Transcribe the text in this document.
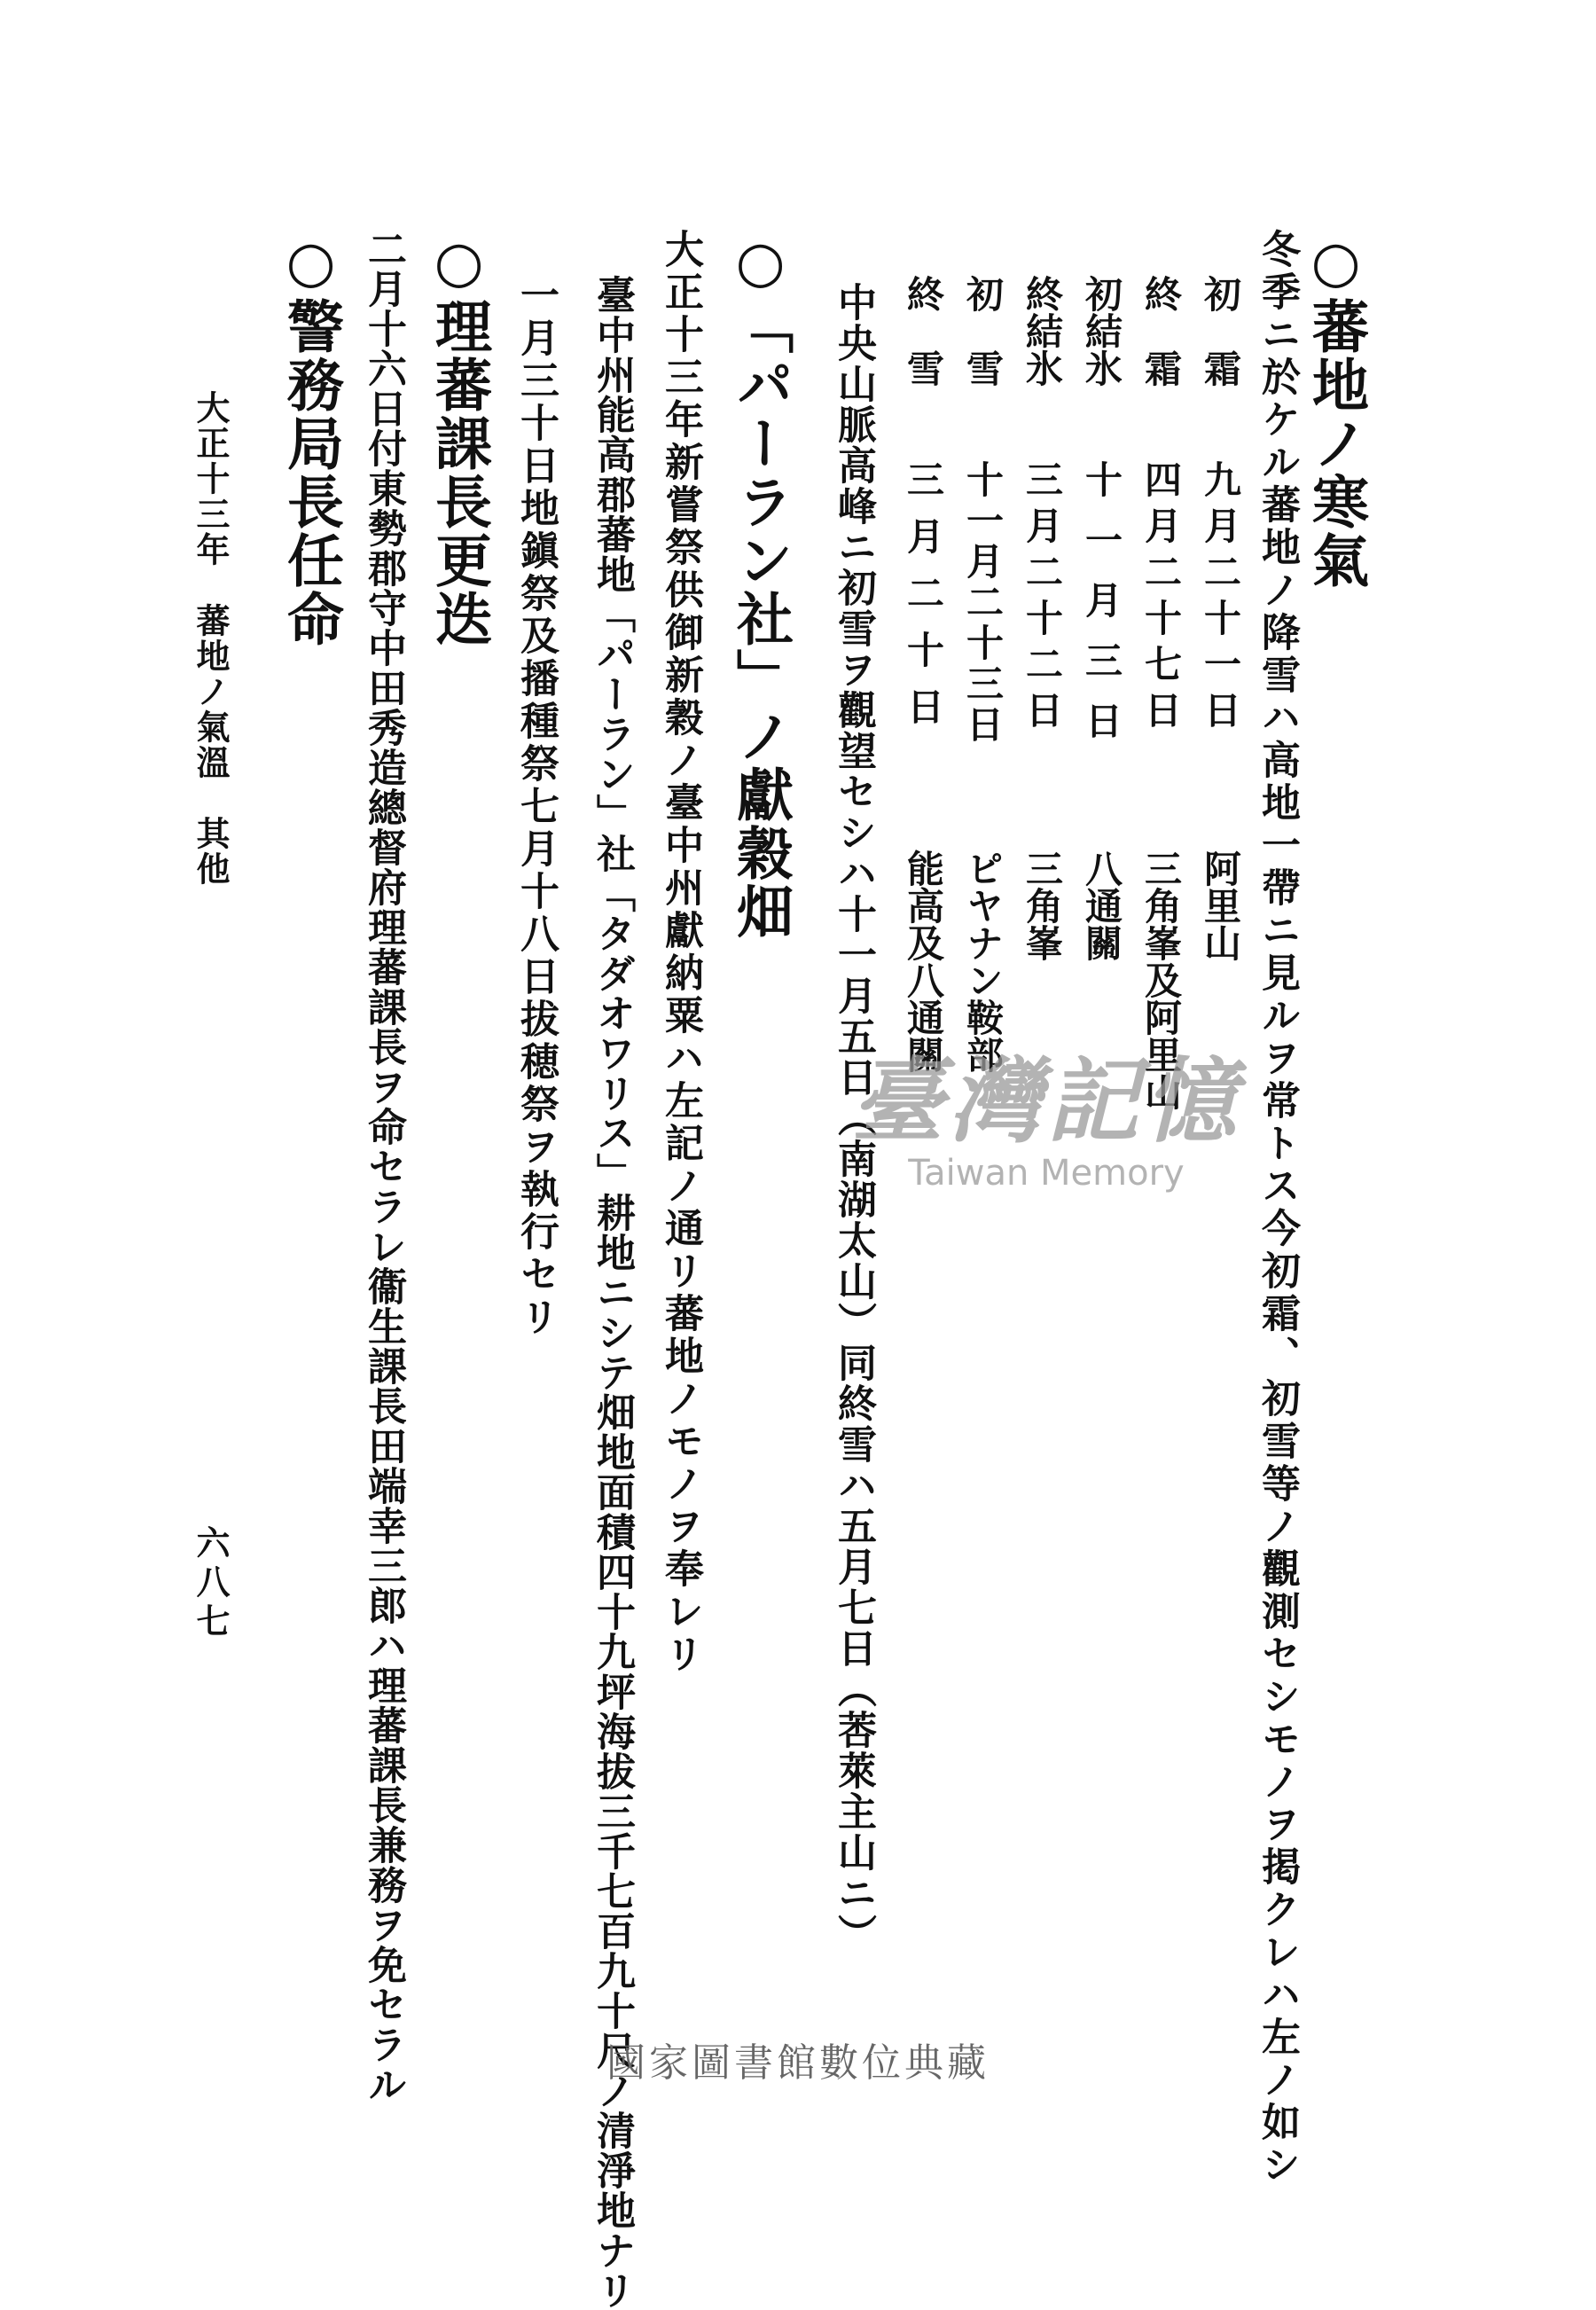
○蕃地ノ寒氣
冬季ニ於ケル蕃地ノ降雪ハ高地一帶ニ見ルヲ常トス今初霜、初雪等ノ觀測セシモノヲ掲クレハ左ノ如シ
初　霜 九月二十一日 阿里山
終　霜 四月二十七日 三角峯及阿里山
初結氷 十一月三日 八通關
終結氷 三月二十二日 三角峯
初　雪 十一月二十三日 ピヤナン鞍部
終　雪 三月二十日 能高及八通關
中央山脈高峰ニ初雪ヲ觀望セシハ十一月五日（南湖太山）同終雪ハ五月七日（莕萊主山ニ）
○「パーラン社」ノ獻穀畑
大正十三年新嘗祭供御新穀ノ臺中州獻納粟ハ左記ノ通リ蕃地ノモノヲ奉レリ
臺中州能高郡蕃地「パーラン」社「タダオワリス」耕地ニシテ畑地面積四十九坪海拔三千七百九十尺ノ清淨地ナリ
一月三十日地鎭祭及播種祭七月十八日拔穂祭ヲ執行セリ
○理蕃課長更迭
二月十六日付東勢郡守中田秀造總督府理蕃課長ヲ命セラレ衞生課長田端幸三郎ハ理蕃課長兼務ヲ免セラル
○警務局長任命
大正十三年　蕃地ノ氣溫　其他
六八七
臺灣記憶
Taiwan Memory
國家圖書館數位典藏
